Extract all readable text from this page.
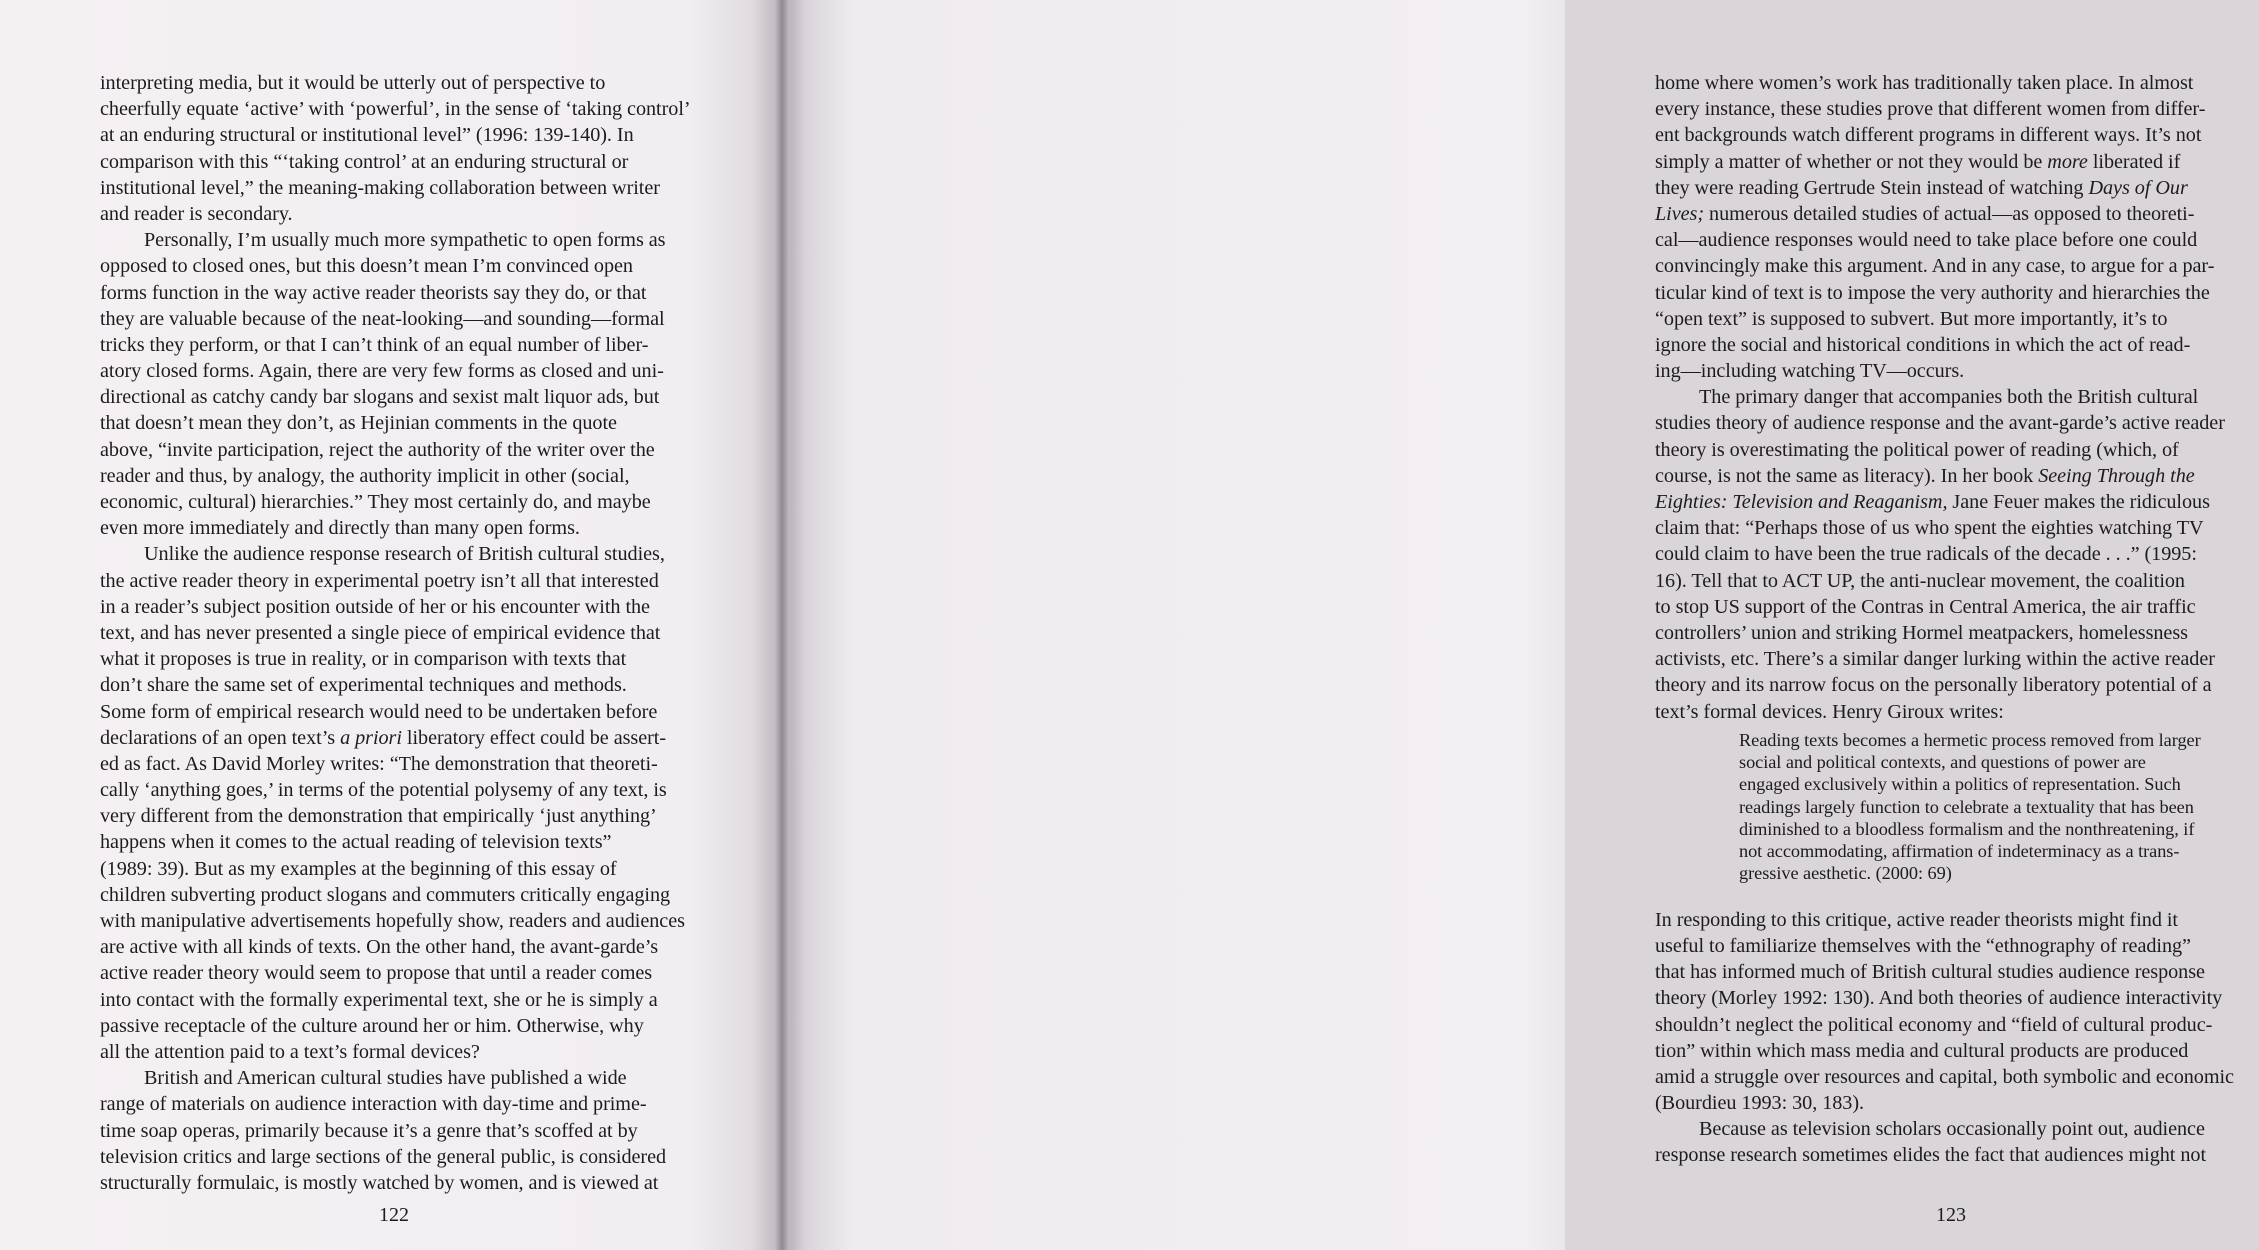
interpreting media, but it would be utterly out of perspective to
cheerfully equate ‘active’ with ‘powerful’, in the sense of ‘taking control’
at an enduring structural or institutional level” (1996: 139-140). In
comparison with this “‘taking control’ at an enduring structural or
institutional level,” the meaning-making collaboration between writer
and reader is secondary.
Personally, I’m usually much more sympathetic to open forms as
opposed to closed ones, but this doesn’t mean I’m convinced open
forms function in the way active reader theorists say they do, or that
they are valuable because of the neat-looking—and sounding—formal
tricks they perform, or that I can’t think of an equal number of liber-
atory closed forms. Again, there are very few forms as closed and uni-
directional as catchy candy bar slogans and sexist malt liquor ads, but
that doesn’t mean they don’t, as Hejinian comments in the quote
above, “invite participation, reject the authority of the writer over the
reader and thus, by analogy, the authority implicit in other (social,
economic, cultural) hierarchies.” They most certainly do, and maybe
even more immediately and directly than many open forms.
Unlike the audience response research of British cultural studies,
the active reader theory in experimental poetry isn’t all that interested
in a reader’s subject position outside of her or his encounter with the
text, and has never presented a single piece of empirical evidence that
what it proposes is true in reality, or in comparison with texts that
don’t share the same set of experimental techniques and methods.
Some form of empirical research would need to be undertaken before
declarations of an open text’s a priori liberatory effect could be assert-
ed as fact. As David Morley writes: “The demonstration that theoreti-
cally ‘anything goes,’ in terms of the potential polysemy of any text, is
very different from the demonstration that empirically ‘just anything’
happens when it comes to the actual reading of television texts”
(1989: 39). But as my examples at the beginning of this essay of
children subverting product slogans and commuters critically engaging
with manipulative advertisements hopefully show, readers and audiences
are active with all kinds of texts. On the other hand, the avant-garde’s
active reader theory would seem to propose that until a reader comes
into contact with the formally experimental text, she or he is simply a
passive receptacle of the culture around her or him. Otherwise, why
all the attention paid to a text’s formal devices?
British and American cultural studies have published a wide
range of materials on audience interaction with day-time and prime-
time soap operas, primarily because it’s a genre that’s scoffed at by
television critics and large sections of the general public, is considered
structurally formulaic, is mostly watched by women, and is viewed at
122
home where women’s work has traditionally taken place. In almost
every instance, these studies prove that different women from differ-
ent backgrounds watch different programs in different ways. It’s not
simply a matter of whether or not they would be more liberated if
they were reading Gertrude Stein instead of watching Days of Our
Lives; numerous detailed studies of actual—as opposed to theoreti-
cal—audience responses would need to take place before one could
convincingly make this argument. And in any case, to argue for a par-
ticular kind of text is to impose the very authority and hierarchies the
“open text” is supposed to subvert. But more importantly, it’s to
ignore the social and historical conditions in which the act of read-
ing—including watching TV—occurs.
The primary danger that accompanies both the British cultural
studies theory of audience response and the avant-garde’s active reader
theory is overestimating the political power of reading (which, of
course, is not the same as literacy). In her book Seeing Through the
Eighties: Television and Reaganism, Jane Feuer makes the ridiculous
claim that: “Perhaps those of us who spent the eighties watching TV
could claim to have been the true radicals of the decade . . .” (1995:
16). Tell that to ACT UP, the anti-nuclear movement, the coalition
to stop US support of the Contras in Central America, the air traffic
controllers’ union and striking Hormel meatpackers, homelessness
activists, etc. There’s a similar danger lurking within the active reader
theory and its narrow focus on the personally liberatory potential of a
text’s formal devices. Henry Giroux writes:
Reading texts becomes a hermetic process removed from larger
social and political contexts, and questions of power are
engaged exclusively within a politics of representation. Such
readings largely function to celebrate a textuality that has been
diminished to a bloodless formalism and the nonthreatening, if
not accommodating, affirmation of indeterminacy as a trans-
gressive aesthetic. (2000: 69)
In responding to this critique, active reader theorists might find it
useful to familiarize themselves with the “ethnography of reading”
that has informed much of British cultural studies audience response
theory (Morley 1992: 130). And both theories of audience interactivity
shouldn’t neglect the political economy and “field of cultural produc-
tion” within which mass media and cultural products are produced
amid a struggle over resources and capital, both symbolic and economic
(Bourdieu 1993: 30, 183).
Because as television scholars occasionally point out, audience
response research sometimes elides the fact that audiences might not
123
